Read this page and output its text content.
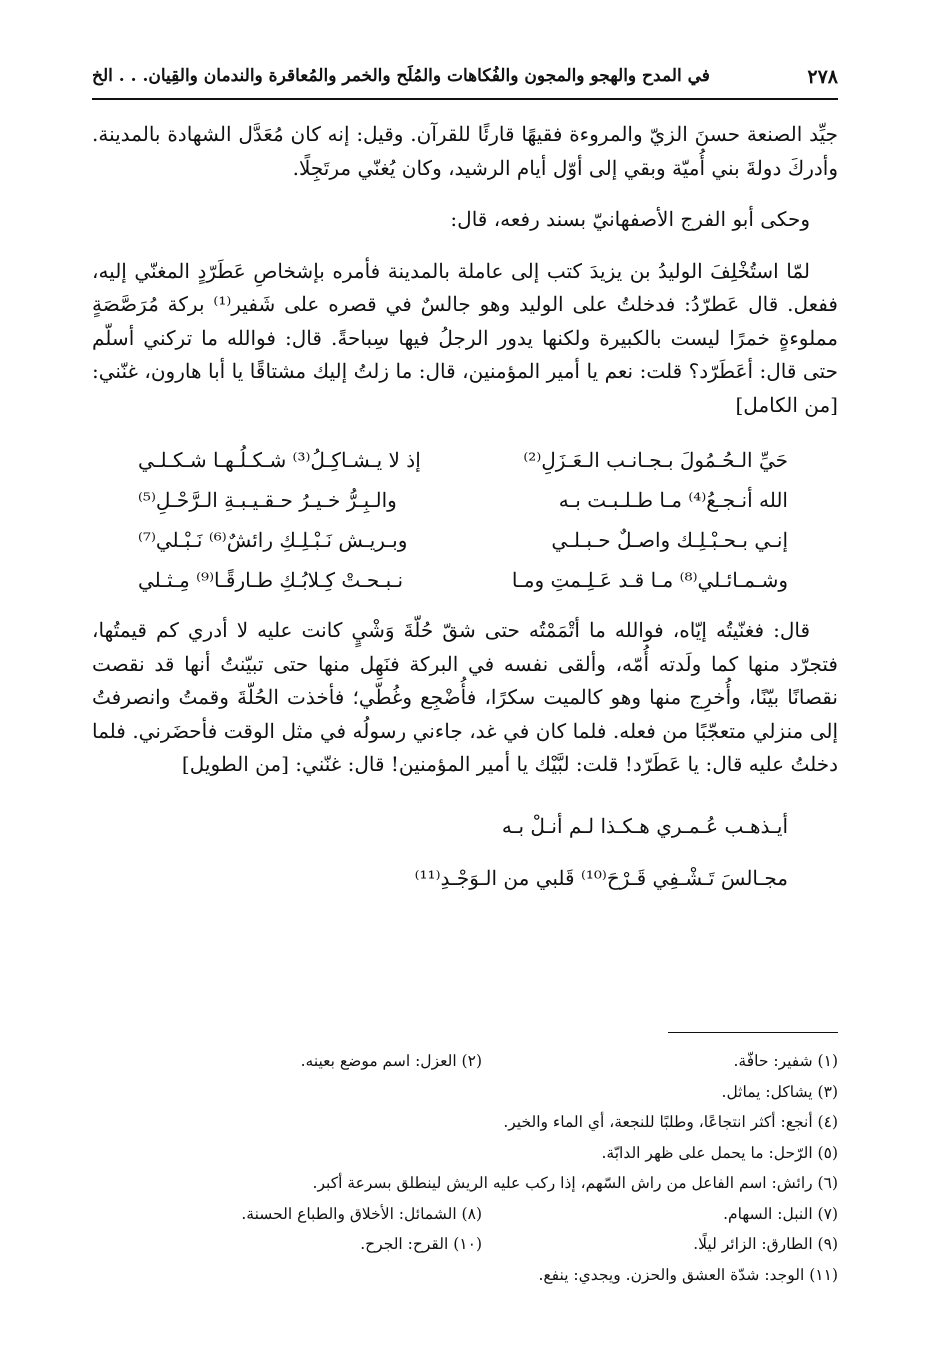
٢٧٨
في المدح والهجو والمجون والفُكاهات والمُلَح والخمر والمُعاقرة والندمان والقِيان. . . الخ

جيِّد الصنعة حسنَ الزيّ والمروءة فقيهًا قارئًا للقرآن. وقيل: إنه كان مُعَدَّل الشهادة بالمدينة. وأدركَ دولةَ بني أُميّة وبقي إلى أوّل أيام الرشيد، وكان يُغنّي مرتَجِلًا.

وحكى أبو الفرج الأصفهانيّ بسند رفعه، قال:

لمّا استُخْلِفَ الوليدُ بن يزيدَ كتب إلى عاملة بالمدينة فأمره بإشخاصِ عَطَرّدٍ المغنّي إليه، ففعل. قال عَطرّدُ: فدخلتُ على الوليد وهو جالسٌ في قصره على شَفير⁽¹⁾ بركة مُرَصَّصَةٍ مملوءةٍ خمرًا ليست بالكبيرة ولكنها يدور الرجلُ فيها سِباحةً. قال: فوالله ما تركني أسلّم حتى قال: أعَطَرّد؟ قلت: نعم يا أمير المؤمنين، قال: ما زلتُ إليك مشتاقًا يا أبا هارون، غنّني: [من الكامل]

حَيِّ الـحُـمُولَ بـجـانـب الـعَـزَلِ⁽²⁾
إذ لا يـشـاكِـلُ⁽³⁾ شـكـلُـهـا شـكـلـي
الله أنـجـعُ⁽⁴⁾ مـا طـلـبـت بـه
والـبِـرُّ خـيـرُ حـقـيـبـةِ الـرَّحْـلِ⁽⁵⁾
إنـي بـحـبْـلِـك واصـلٌ حـبـلـي
وبـريـش نَـبْـلِـكِ رائشٌ⁽⁶⁾ نَـبْـلي⁽⁷⁾
وشـمـائـلي⁽⁸⁾ مـا قـد عَـلِـمتِ ومـا
نـبـحـتْ كِـلابُـكِ طـارقًـا⁽⁹⁾ مِـثـلي

قال: فغنّيتُه إيّاه، فوالله ما أتْمَمْتُه حتى شقّ حُلّةَ وَشْيٍ كانت عليه لا أدري كم قيمتُها، فتجرّد منها كما ولَدته أُمّه، وألقى نفسه في البركة فنَهِل منها حتى تبيّنتُ أنها قد نقصت نقصانًا بيّنًا، وأُخرِج منها وهو كالميت سكرًا، فأُضْجِع وغُطّي؛ فأخذت الحُلّةَ وقمتُ وانصرفتُ إلى منزلي متعجّبًا من فعله. فلما كان في غد، جاءني رسولُه في مثل الوقت فأحضَرني. فلما دخلتُ عليه قال: يا عَطَرّد! قلت: لبَّيْك يا أمير المؤمنين! قال: غنّني: [من الطويل]

أيـذهـب عُـمـري هـكـذا لـم أنـلْ بـه
مجـالسَ تَـشْـفِي قَـرْحَ⁽¹⁰⁾ قَلبي من الـوَجْـدِ⁽¹¹⁾
(١) شفير: حافّة.
(٢) العزل: اسم موضع بعينه.
(٣) يشاكل: يماثل.
(٤) أنجع: أكثر انتجاعًا، وطلبًا للنجعة، أي الماء والخير.
(٥) الرّحل: ما يحمل على ظهر الدابّة.
(٦) رائش: اسم الفاعل من راش السّهم، إذا ركب عليه الريش لينطلق بسرعة أكبر.
(٧) النبل: السهام.
(٨) الشمائل: الأخلاق والطباع الحسنة.
(٩) الطارق: الزائر ليلًا.
(١٠) القرح: الجرح.
(١١) الوجد: شدّة العشق والحزن. ويجدي: ينفع.
